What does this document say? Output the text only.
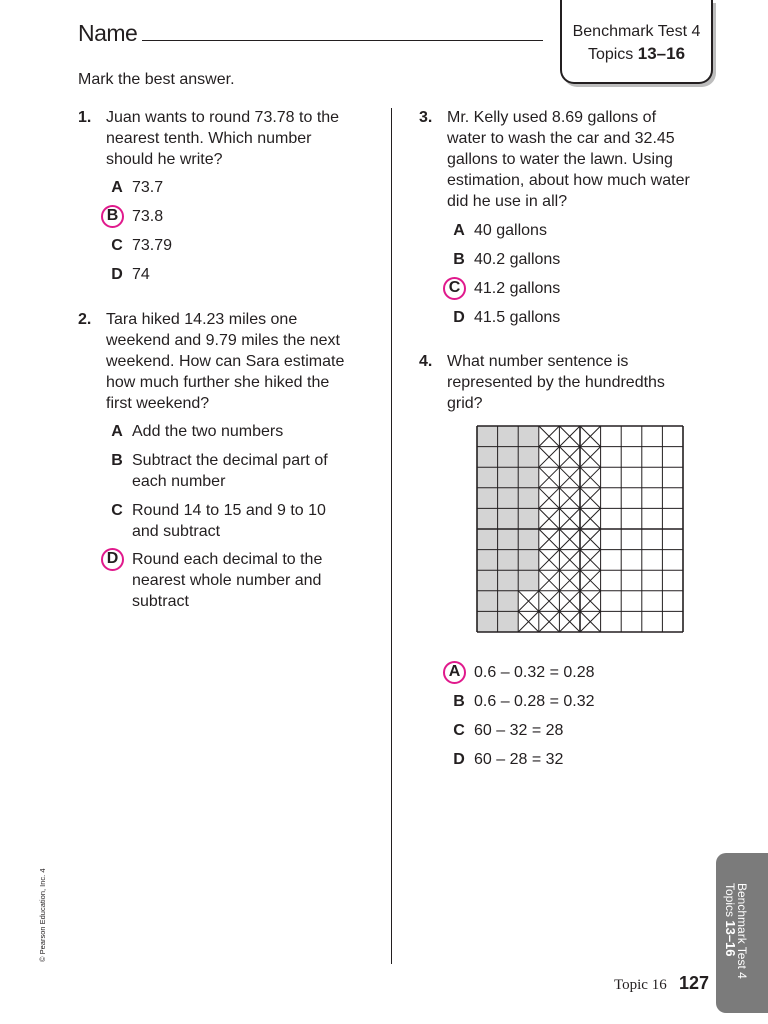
Name	Benchmark Test 4
Topics 13–16
Mark the best answer.
1. Juan wants to round 73.78 to the
nearest tenth. Which number
should he write?
A 73.7
B 73.8
C 73.79
D 74
2. Tara hiked 14.23 miles one
weekend and 9.79 miles the next
weekend. How can Sara estimate
how much further she hiked the
first weekend?
A Add the two numbers
B Subtract the decimal part of
each number
C Round 14 to 15 and 9 to 10
and subtract
D Round each decimal to the
nearest whole number and
subtract
3. Mr. Kelly used 8.69 gallons of
water to wash the car and 32.45
gallons to water the lawn. Using
estimation, about how much water
did he use in all?
A 40 gallons
B 40.2 gallons
C 41.2 gallons
D 41.5 gallons
4. What number sentence is
represented by the hundredths
grid?
A 0.6 – 0.32 = 0.28
B 0.6 – 0.28 = 0.32
C 60 – 32 = 28
D 60 – 28 = 32
© Pearson Education, Inc. 4	Benchmark Test 4
Topics 13–16
Topic 16 127
